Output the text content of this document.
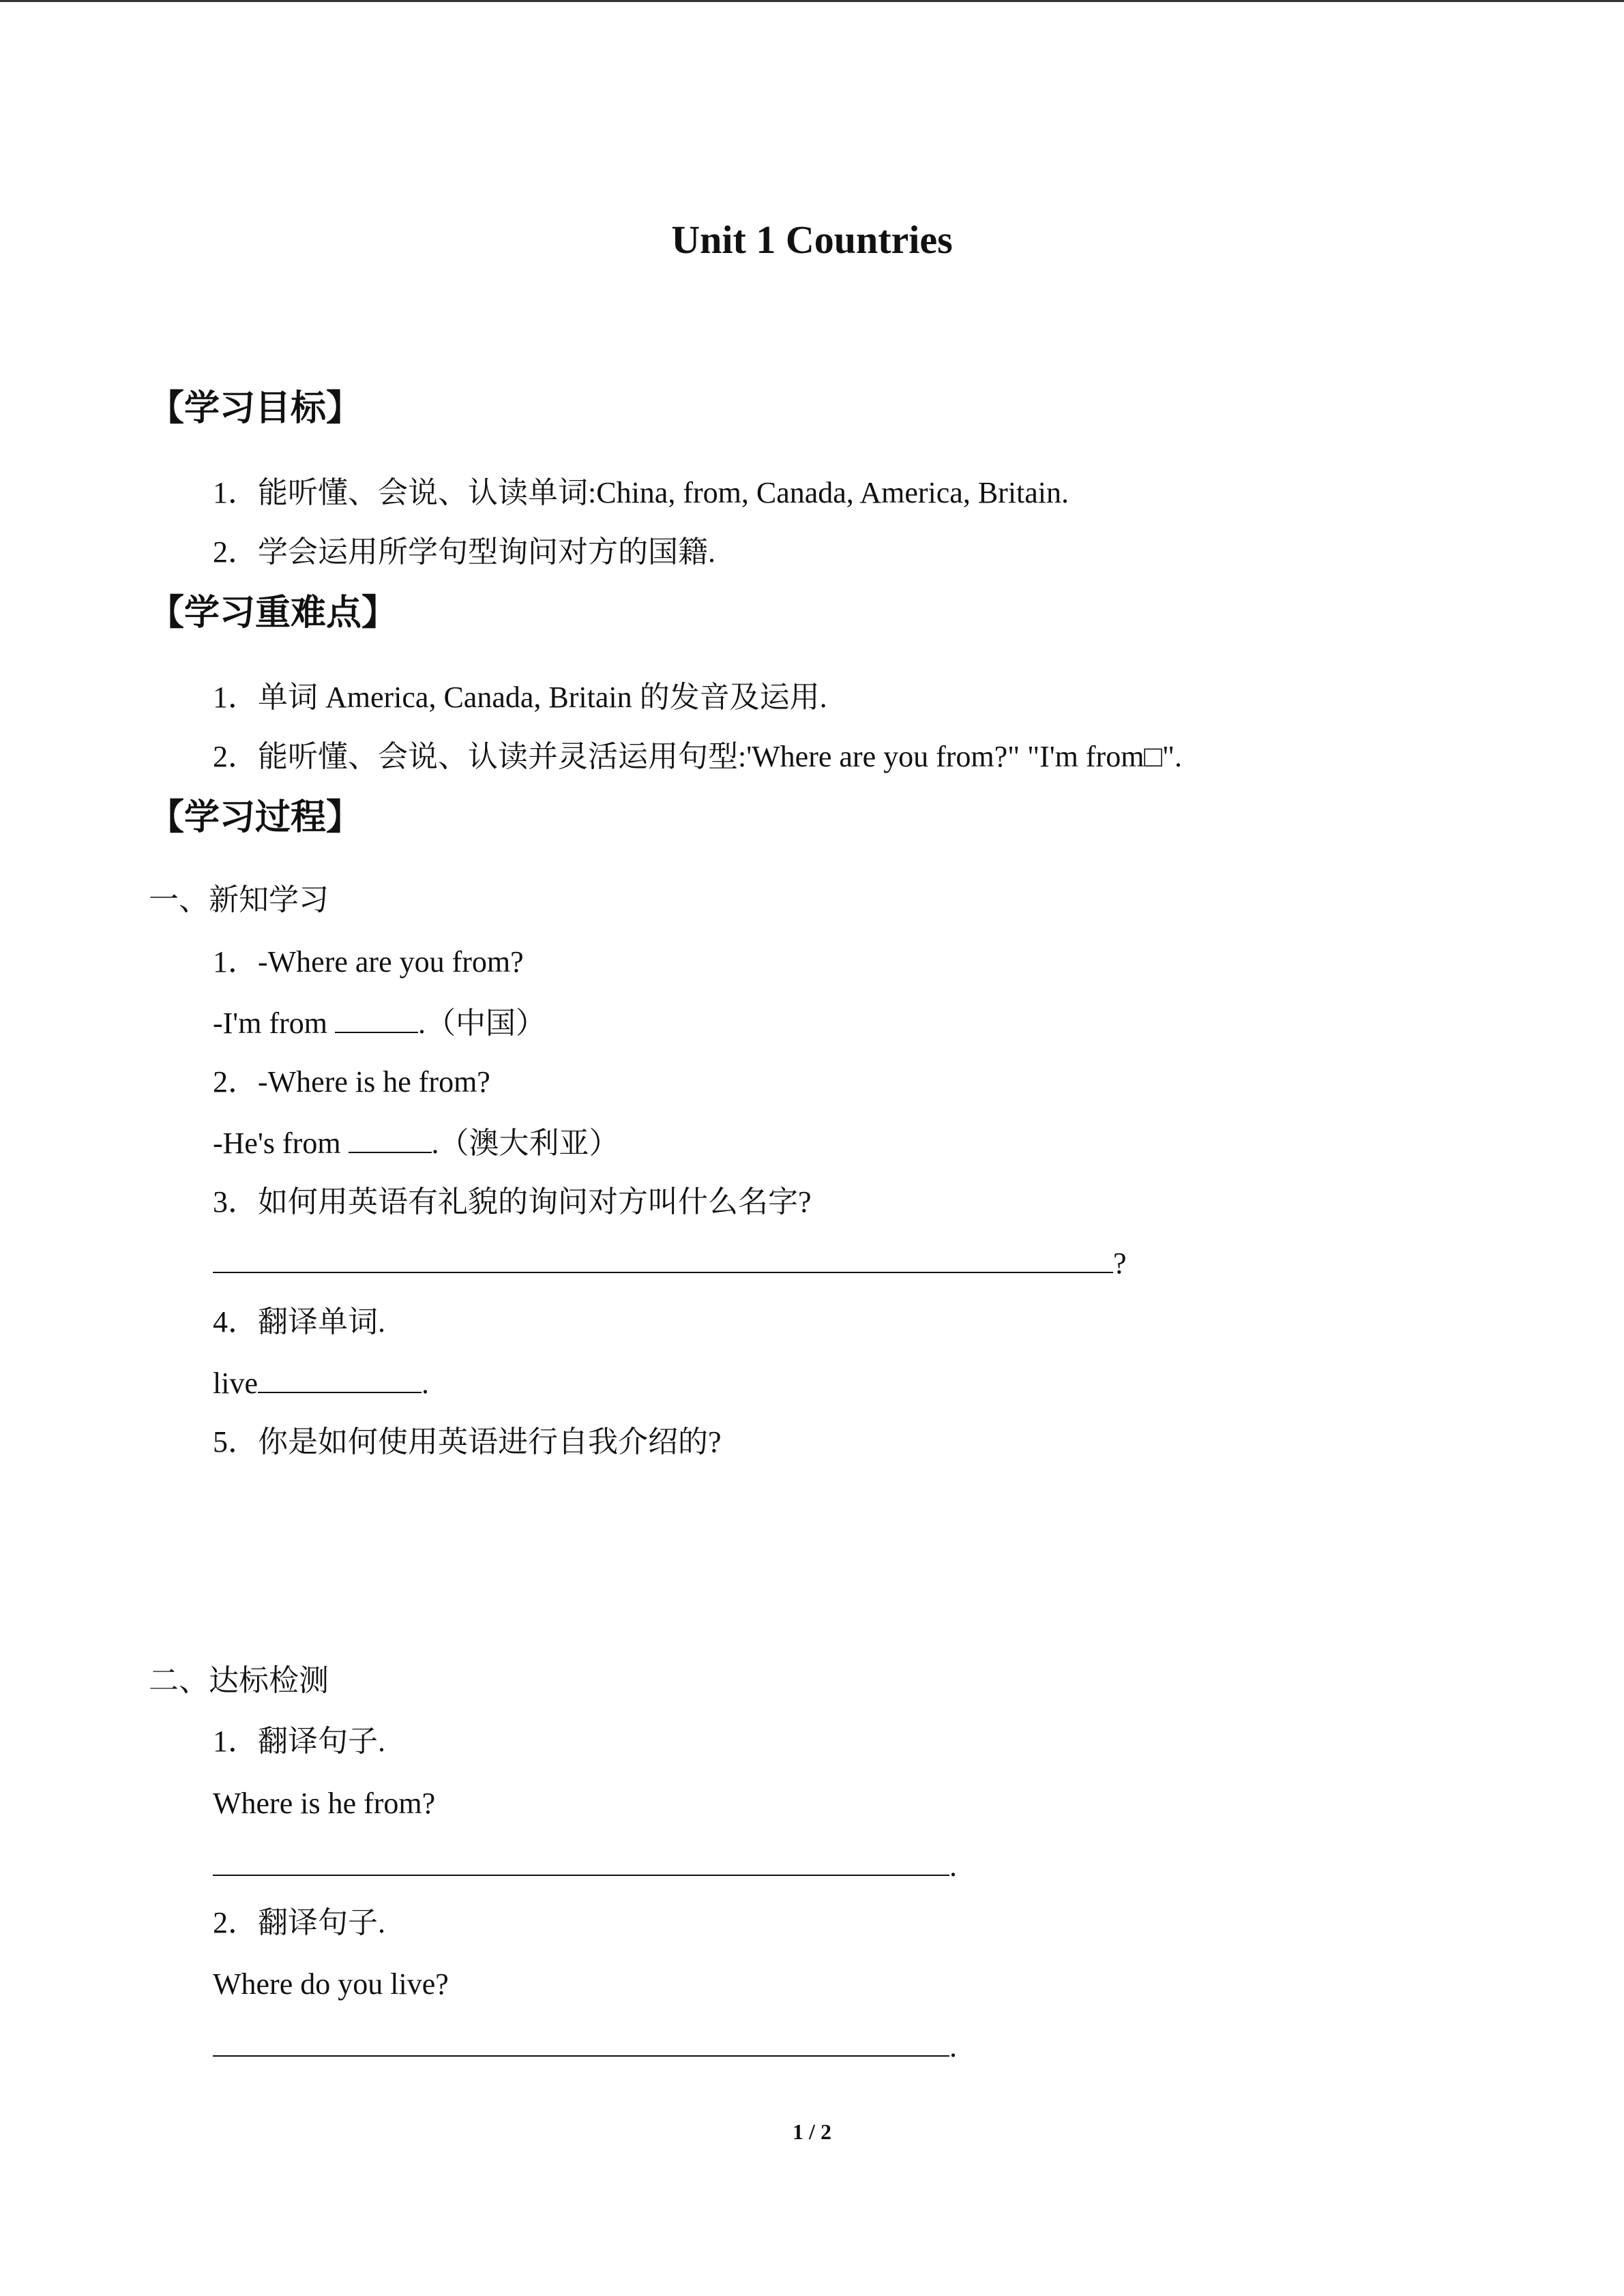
Unit 1 Countries
【学习目标】
1．能听懂、会说、认读单词:China, from, Canada, America, Britain.
2．学会运用所学句型询问对方的国籍.
【学习重难点】
1．单词 America, Canada, Britain 的发音及运用.
2．能听懂、会说、认读并灵活运用句型:'Where are you from?" "I'm from□".
【学习过程】
一、新知学习
1．-Where are you from?
-I'm from	.（中国）
2．-Where is he from?
-He's from	.（澳大利亚）
3．如何用英语有礼貌的询问对方叫什么名字?
?
4．翻译单词.
live	.
5．你是如何使用英语进行自我介绍的?
二、达标检测
1．翻译句子.
Where is he from?
.
2．翻译句子.
Where do you live?
.
1 / 2
